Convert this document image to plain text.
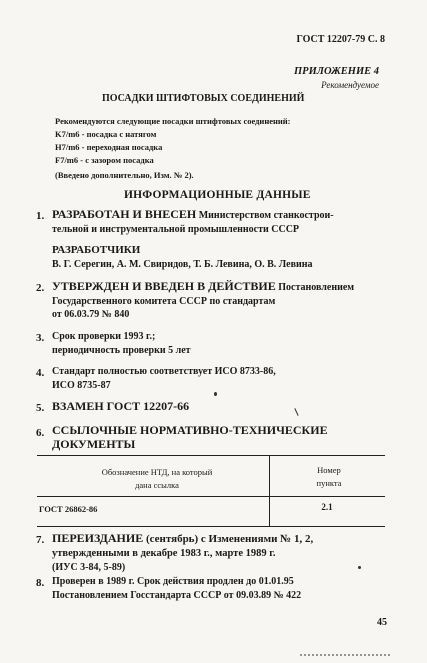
ГОСТ 12207-79 С. 8
ПРИЛОЖЕНИЕ 4
Рекомендуемое
ПОСАДКИ ШТИФТОВЫХ СОЕДИНЕНИЙ
Рекомендуются следующие посадки штифтовых соединений:
K7/m6 - посадка с натягом
H7/m6 - переходная посадка
F7/m6 - с зазором посадка
(Введено дополнительно, Изм. № 2).
ИНФОРМАЦИОННЫЕ ДАННЫЕ
1. РАЗРАБОТАН И ВНЕСЕН Министерством станкострои-
тельной и инструментальной промышленности СССР
РАЗРАБОТЧИКИ
В. Г. Серегин, А. М. Свиридов, Т. Б. Левина, О. В. Левина
2. УТВЕРЖДЕН И ВВЕДЕН В ДЕЙСТВИЕ Постановлением
Государственного комитета СССР по стандартам
от 06.03.79 № 840
3. Срок проверки 1993 г.;
периодичность проверки 5 лет
4. Стандарт полностью соответствует ИСО 8733-86,
ИСО 8735-87
5. ВЗАМЕН ГОСТ 12207-66
6. ССЫЛОЧНЫЕ НОРМАТИВНО-ТЕХНИЧЕСКИЕ
ДОКУМЕНТЫ
Обозначение НТД, на который
дана ссылка
Номер
пункта
ГОСТ 26862-86	2.1
7. ПЕРЕИЗДАНИЕ (сентябрь) с Изменениями № 1, 2,
утвержденными в декабре 1983 г., марте 1989 г.
(ИУС 3-84, 5-89)
8. Проверен в 1989 г. Срок действия продлен до 01.01.95
Постановлением Госстандарта СССР от 09.03.89 № 422
45
